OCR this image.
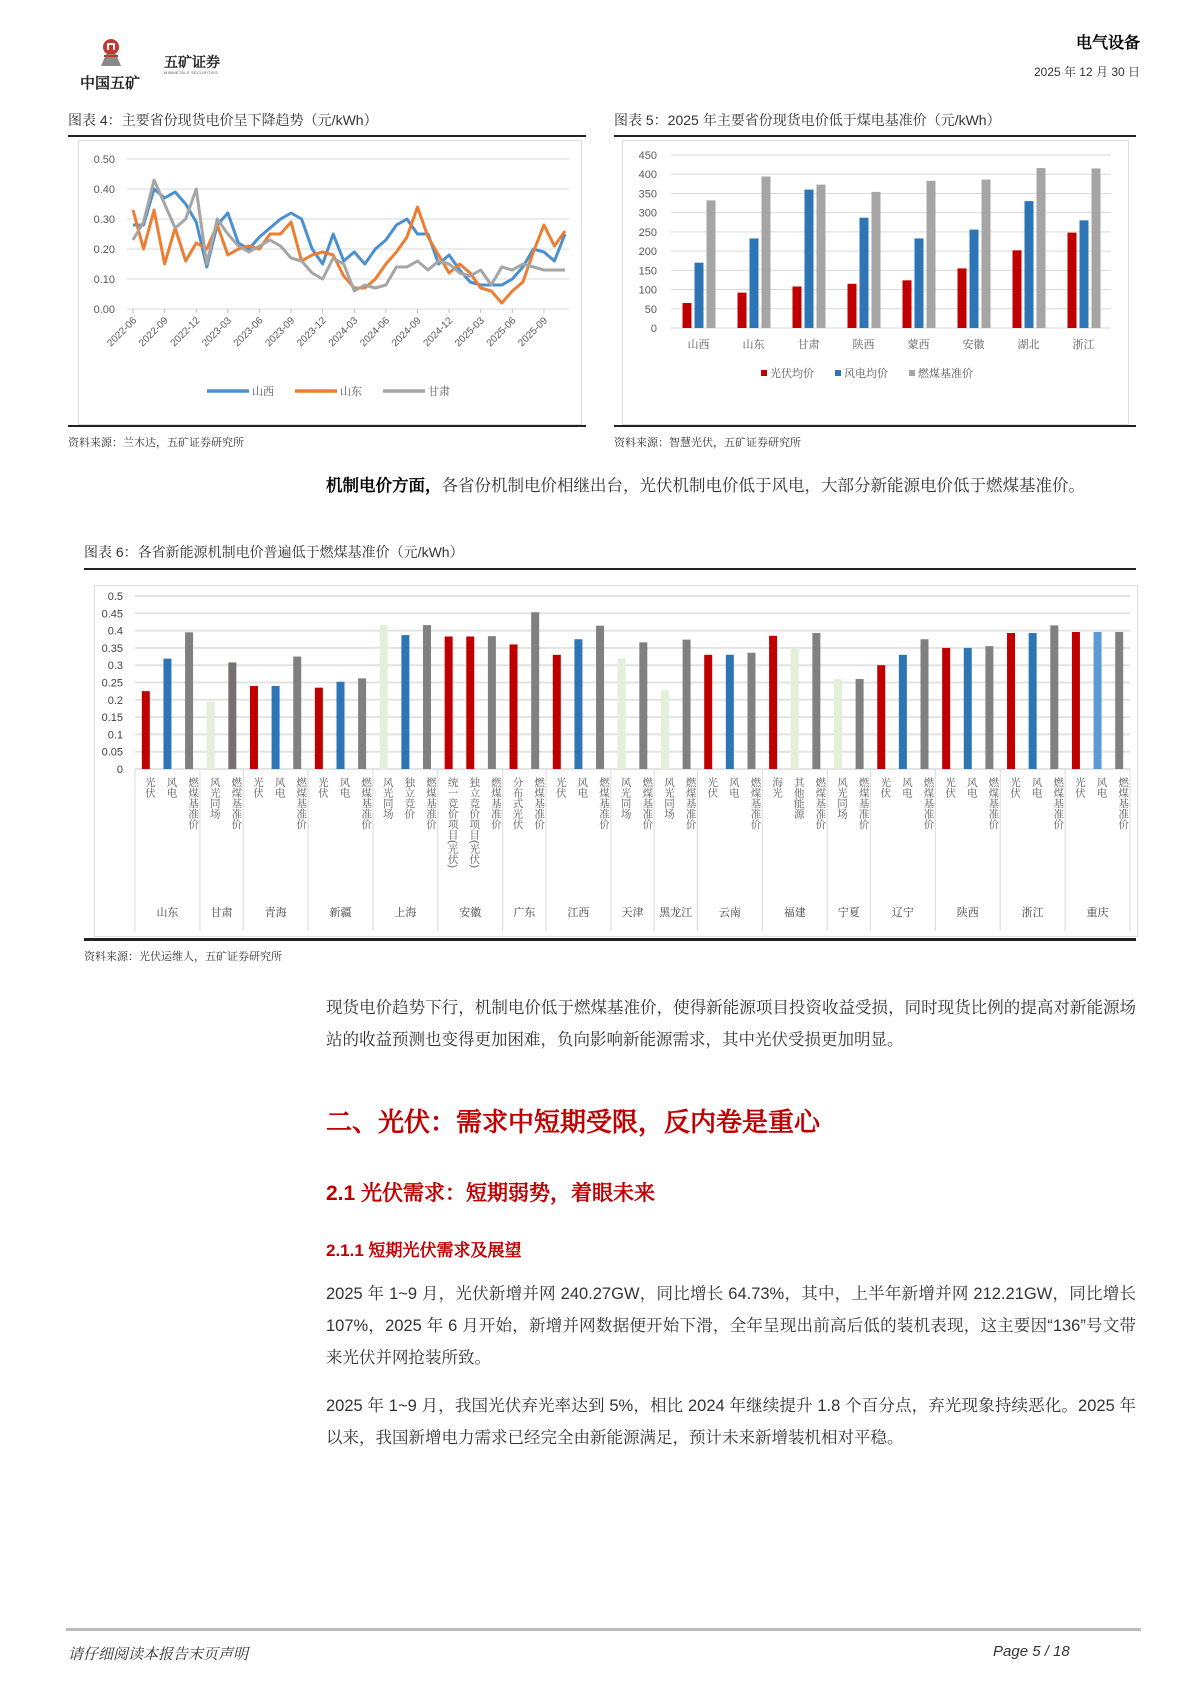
中国五矿
五矿证券
MINMETALS SECURITIES
电气设备
2025 年 12 月 30 日
图表 4：主要省份现货电价呈下降趋势（元/kWh）
0.00
0.10
0.20
0.30
0.40
0.50
2022-06
2022-09
2022-12
2023-03
2023-06
2023-09
2023-12
2024-03
2024-06
2024-09
2024-12
2025-03
2025-06
2025-09
山西	山东	甘肃
资料来源：兰木达，五矿证券研究所
图表 5：2025 年主要省份现货电价低于煤电基准价（元/kWh）
0
50
100
150
200
250
300
350
400
450
山西	山东	甘肃	陕西	蒙西	安徽	湖北	浙江
光伏均价	风电均价	燃煤基准价
资料来源：智慧光伏，五矿证券研究所
机制电价方面，各省份机制电价相继出台，光伏机制电价低于风电，大部分新能源电价低于燃煤基准价。
图表 6：各省新能源机制电价普遍低于燃煤基准价（元/kWh）
0
0.05
0.1
0.15
0.2
0.25
0.3
0.35
0.4
0.45
0.5
光伏 风电 燃煤基准价
山东
风光同场 燃煤基准价
甘肃
光伏 风电 燃煤基准价
青海
光伏 风电 燃煤基准价
新疆
风光同场 独立竞价 燃煤基准价
上海
统一竞价项目(光伏) 独立竞价项目(光伏) 燃煤基准价
安徽
分布式光伏 燃煤基准价
广东
光伏 风电 燃煤基准价
江西
风光同场 燃煤基准价
天津
风光同场 燃煤基准价
黑龙江
光伏 风电 燃煤基准价
云南
海光 其他能源 燃煤基准价
福建
风光同场 燃煤基准价
宁夏
光伏 风电 燃煤基准价
辽宁
光伏 风电 燃煤基准价
陕西
光伏 风电 燃煤基准价
浙江
光伏 风电 燃煤基准价
重庆
资料来源：光伏运维人，五矿证券研究所
现货电价趋势下行，机制电价低于燃煤基准价，使得新能源项目投资收益受损，同时现货比例的提高对新能源场站的收益预测也变得更加困难，负向影响新能源需求，其中光伏受损更加明显。
二、光伏：需求中短期受限，反内卷是重心
2.1 光伏需求：短期弱势，着眼未来
2.1.1 短期光伏需求及展望
2025 年 1~9 月，光伏新增并网 240.27GW，同比增长 64.73%，其中，上半年新增并网 212.21GW，同比增长 107%，2025 年 6 月开始，新增并网数据便开始下滑，全年呈现出前高后低的装机表现，这主要因“136”号文带来光伏并网抢装所致。
2025 年 1~9 月，我国光伏弃光率达到 5%，相比 2024 年继续提升 1.8 个百分点，弃光现象持续恶化。2025 年以来，我国新增电力需求已经完全由新能源满足，预计未来新增装机相对平稳。
请仔细阅读本报告末页声明	Page 5 / 18
